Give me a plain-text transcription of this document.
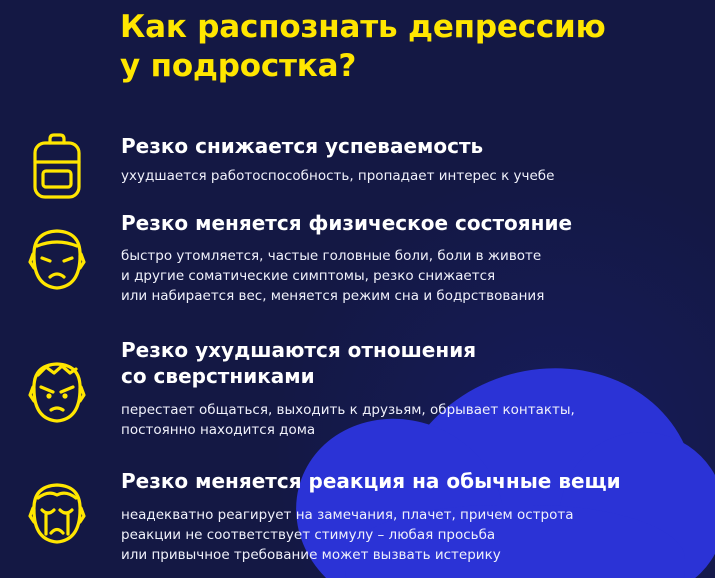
Как распознать депрессию
у подростка?
Резко снижается успеваемость

ухудшается работоспособность, пропадает интерес к учебе

Резко меняется физическое состояние

быстро утомляется, частые головные боли, боли в животе
и другие соматические симптомы, резко снижается
или набирается вес, меняется режим сна и бодрствования

Резко ухудшаются отношения
со сверстниками

перестает общаться, выходить к друзьям, обрывает контакты,
постоянно находится дома

Резко меняется реакция на обычные вещи

неадекватно реагирует на замечания, плачет, причем острота
реакции не соответствует стимулу – любая просьба
или привычное требование может вызвать истерику
